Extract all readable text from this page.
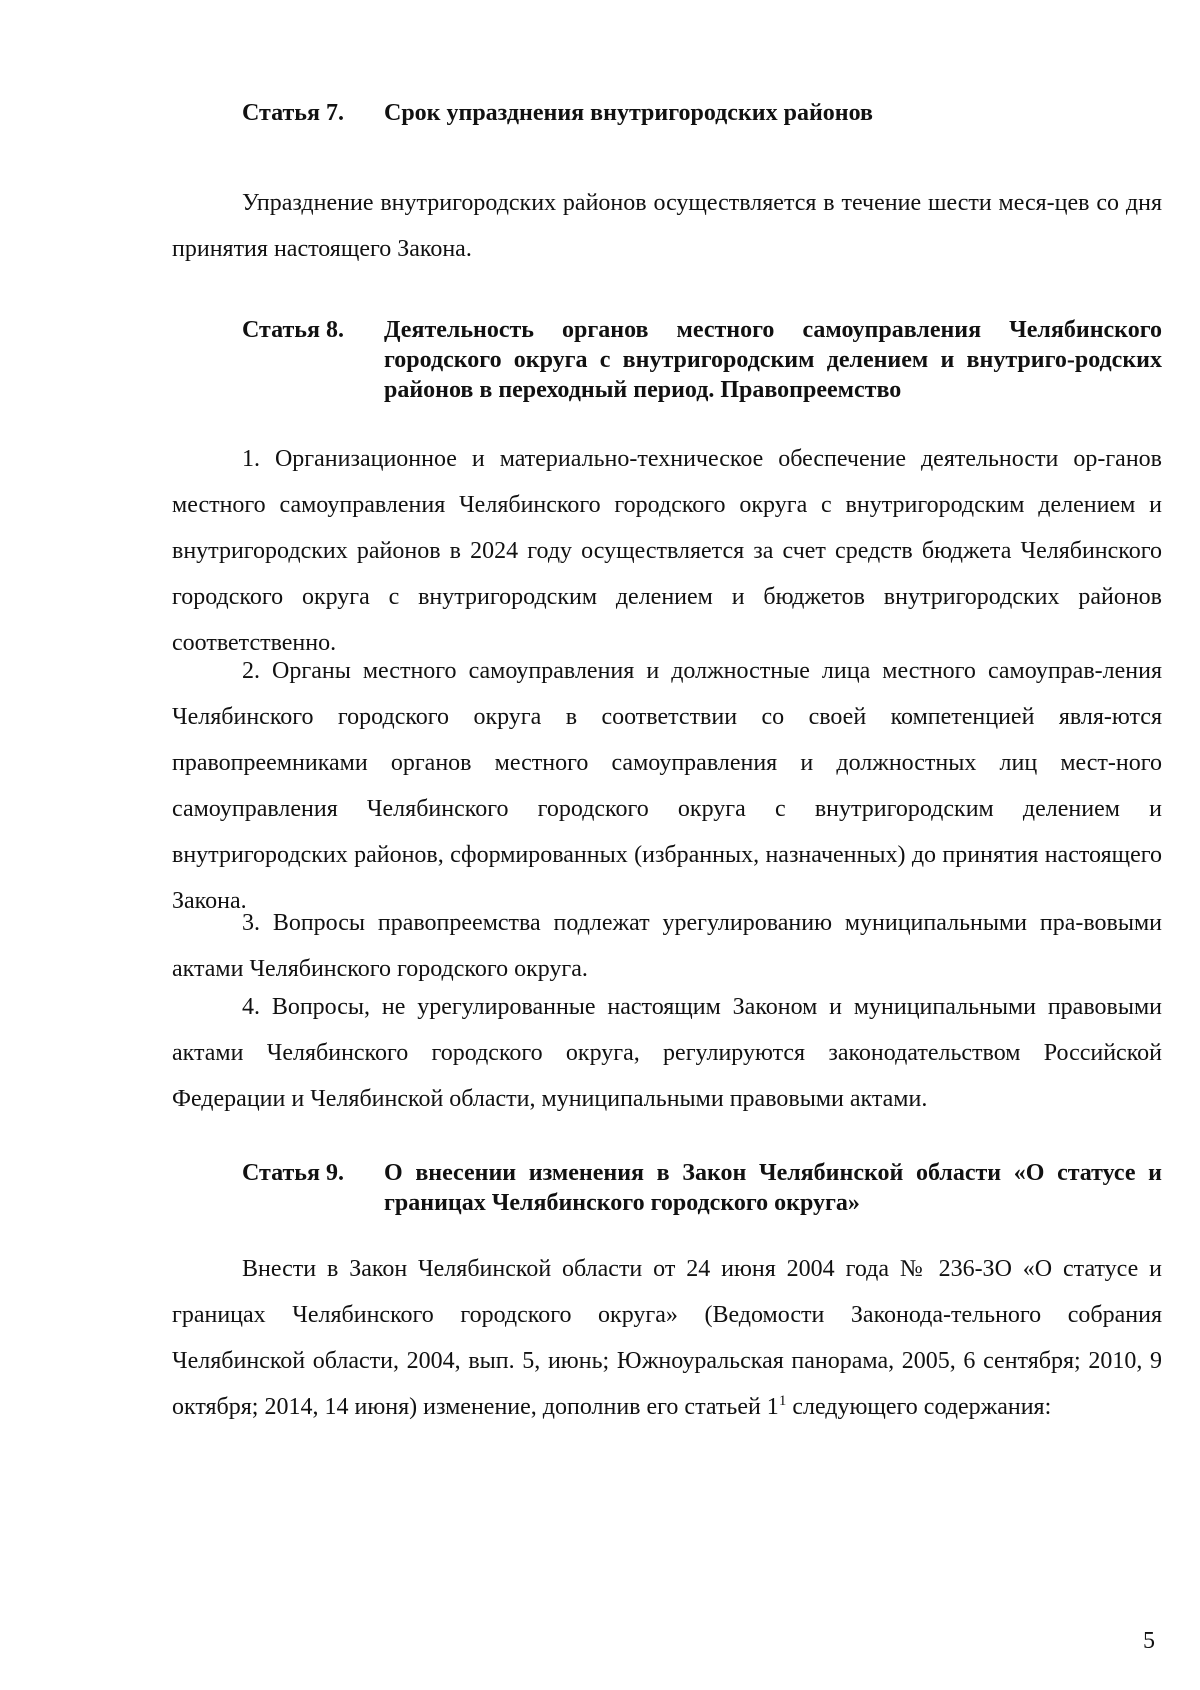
Статья 7.	Срок упразднения внутригородских районов

Упразднение внутригородских районов осуществляется в течение шести меся-цев со дня принятия настоящего Закона.

Статья 8.	Деятельность органов местного самоуправления Челябинского городского округа с внутригородским делением и внутриго-родских районов в переходный период. Правопреемство

1. Организационное и материально-техническое обеспечение деятельности ор-ганов местного самоуправления Челябинского городского округа с внутригородским делением и внутригородских районов в 2024 году осуществляется за счет средств бюджета Челябинского городского округа с внутригородским делением и бюджетов внутригородских районов соответственно.

2. Органы местного самоуправления и должностные лица местного самоуправ-ления Челябинского городского округа в соответствии со своей компетенцией явля-ются правопреемниками органов местного самоуправления и должностных лиц мест-ного самоуправления Челябинского городского округа с внутригородским делением и внутригородских районов, сформированных (избранных, назначенных) до принятия настоящего Закона.

3. Вопросы правопреемства подлежат урегулированию муниципальными пра-вовыми актами Челябинского городского округа.

4. Вопросы, не урегулированные настоящим Законом и муниципальными правовыми актами Челябинского городского округа, регулируются законодательством Российской Федерации и Челябинской области, муниципальными правовыми актами.

Статья 9.	О внесении изменения в Закон Челябинской области «О статусе и границах Челябинского городского округа»

Внести в Закон Челябинской области от 24 июня 2004 года № 236-ЗО «О статусе и границах Челябинского городского округа» (Ведомости Законода-тельного собрания Челябинской области, 2004, вып. 5, июнь; Южноуральская панорама, 2005, 6 сентября; 2010, 9 октября; 2014, 14 июня) изменение, дополнив его статьей $1^1$ следующего содержания:

5
